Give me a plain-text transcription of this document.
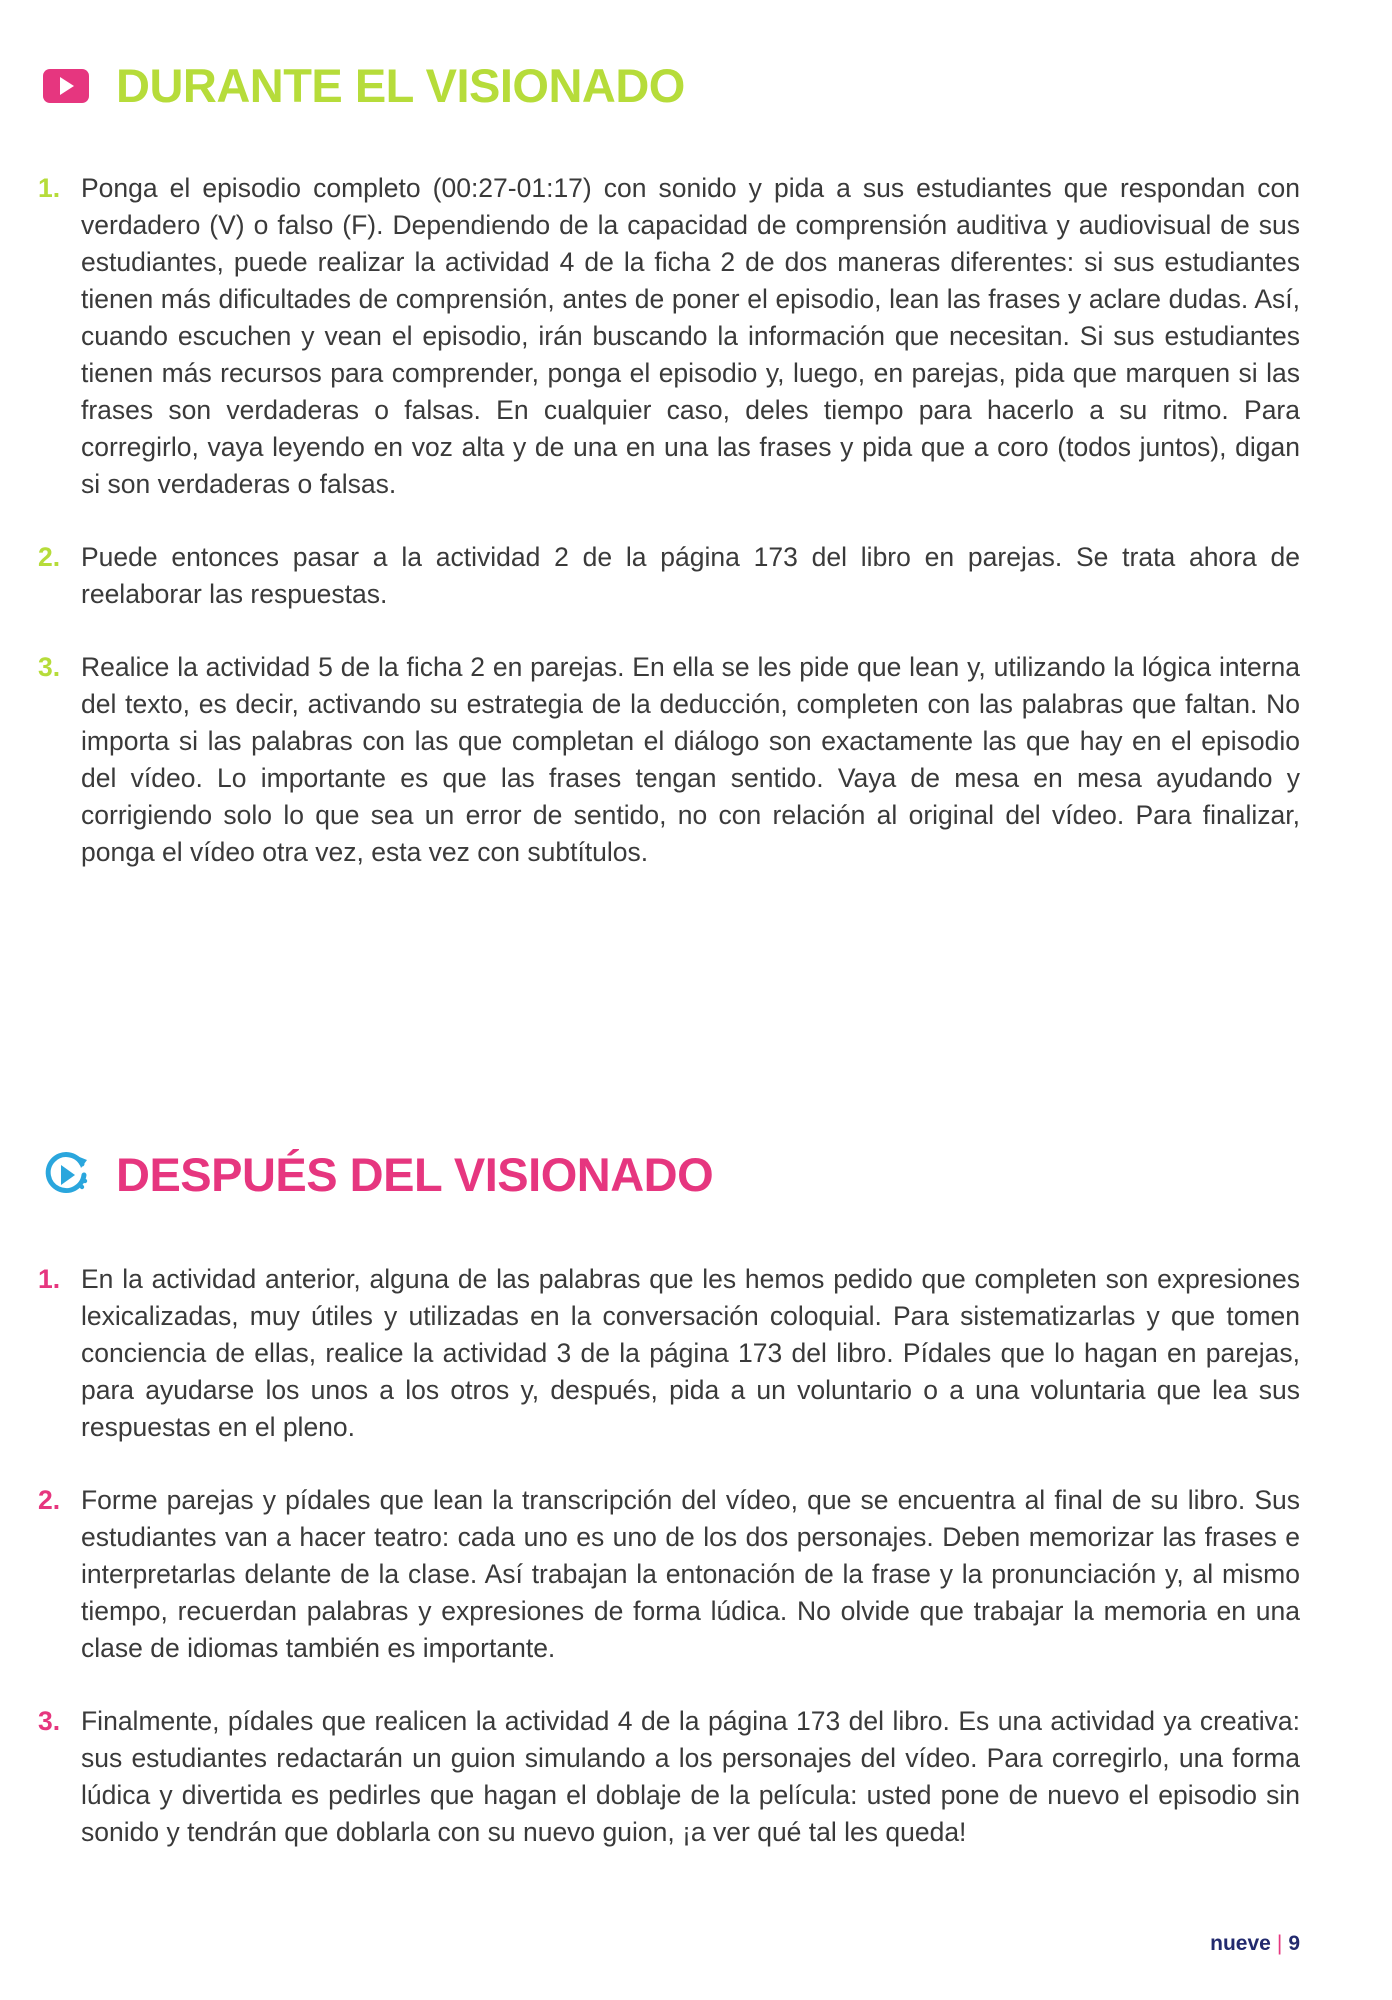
DURANTE EL VISIONADO
1. Ponga el episodio completo (00:27-01:17) con sonido y pida a sus estudiantes que respondan con verdadero (V) o falso (F). Dependiendo de la capacidad de comprensión auditiva y audiovisual de sus estudiantes, puede realizar la actividad 4 de la ficha 2 de dos maneras diferentes: si sus estudiantes tienen más dificultades de comprensión, antes de poner el episodio, lean las frases y aclare dudas. Así, cuando escuchen y vean el episodio, irán buscando la información que necesitan. Si sus estudiantes tienen más recursos para comprender, ponga el episodio y, luego, en parejas, pida que marquen si las frases son verdaderas o falsas. En cualquier caso, deles tiempo para hacerlo a su ritmo. Para corregirlo, vaya leyendo en voz alta y de una en una las frases y pida que a coro (todos juntos), digan si son verdaderas o falsas.
2. Puede entonces pasar a la actividad 2 de la página 173 del libro en parejas. Se trata ahora de reelaborar las respuestas.
3. Realice la actividad 5 de la ficha 2 en parejas. En ella se les pide que lean y, utilizando la lógica interna del texto, es decir, activando su estrategia de la deducción, completen con las palabras que faltan. No importa si las palabras con las que completan el diálogo son exactamente las que hay en el episodio del vídeo. Lo importante es que las frases tengan sentido. Vaya de mesa en mesa ayudando y corrigiendo solo lo que sea un error de sentido, no con relación al original del vídeo. Para finalizar, ponga el vídeo otra vez, esta vez con subtítulos.
DESPUÉS DEL VISIONADO
1. En la actividad anterior, alguna de las palabras que les hemos pedido que completen son expresiones lexicalizadas, muy útiles y utilizadas en la conversación coloquial. Para sistematizarlas y que tomen conciencia de ellas, realice la actividad 3 de la página 173 del libro. Pídales que lo hagan en parejas, para ayudarse los unos a los otros y, después, pida a un voluntario o a una voluntaria que lea sus respuestas en el pleno.
2. Forme parejas y pídales que lean la transcripción del vídeo, que se encuentra al final de su libro. Sus estudiantes van a hacer teatro: cada uno es uno de los dos personajes. Deben memorizar las frases e interpretarlas delante de la clase. Así trabajan la entonación de la frase y la pronunciación y, al mismo tiempo, recuerdan palabras y expresiones de forma lúdica. No olvide que trabajar la memoria en una clase de idiomas también es importante.
3. Finalmente, pídales que realicen la actividad 4 de la página 173 del libro. Es una actividad ya creativa: sus estudiantes redactarán un guion simulando a los personajes del vídeo. Para corregirlo, una forma lúdica y divertida es pedirles que hagan el doblaje de la película: usted pone de nuevo el episodio sin sonido y tendrán que doblarla con su nuevo guion, ¡a ver qué tal les queda!
nueve | 9
